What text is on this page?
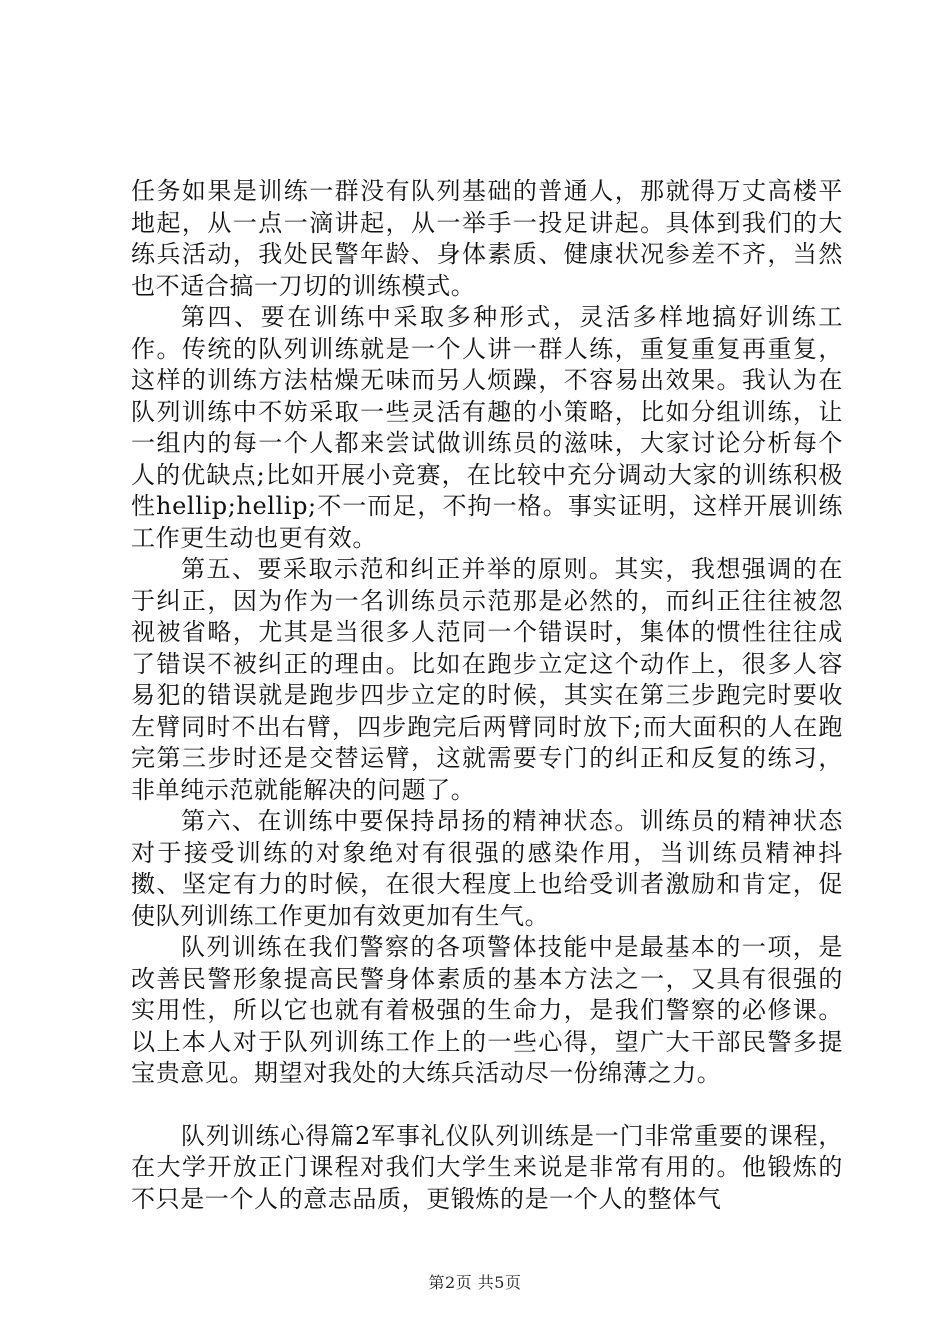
任务如果是训练一群没有队列基础的普通人，那就得万丈高楼平地起，从一点一滴讲起，从一举手一投足讲起。具体到我们的大练兵活动，我处民警年龄、身体素质、健康状况参差不齐，当然也不适合搞一刀切的训练模式。

第四、要在训练中采取多种形式，灵活多样地搞好训练工作。传统的队列训练就是一个人讲一群人练，重复重复再重复，这样的训练方法枯燥无味而另人烦躁，不容易出效果。我认为在队列训练中不妨采取一些灵活有趣的小策略，比如分组训练，让一组内的每一个人都来尝试做训练员的滋味，大家讨论分析每个人的优缺点;比如开展小竞赛，在比较中充分调动大家的训练积极性hellip;hellip;不一而足，不拘一格。事实证明，这样开展训练工作更生动也更有效。

第五、要采取示范和纠正并举的原则。其实，我想强调的在于纠正，因为作为一名训练员示范那是必然的，而纠正往往被忽视被省略，尤其是当很多人范同一个错误时，集体的惯性往往成了错误不被纠正的理由。比如在跑步立定这个动作上，很多人容易犯的错误就是跑步四步立定的时候，其实在第三步跑完时要收左臂同时不出右臂，四步跑完后两臂同时放下;而大面积的人在跑完第三步时还是交替运臂，这就需要专门的纠正和反复的练习，非单纯示范就能解决的问题了。

第六、在训练中要保持昂扬的精神状态。训练员的精神状态对于接受训练的对象绝对有很强的感染作用，当训练员精神抖擞、坚定有力的时候，在很大程度上也给受训者激励和肯定，促使队列训练工作更加有效更加有生气。

队列训练在我们警察的各项警体技能中是最基本的一项，是改善民警形象提高民警身体素质的基本方法之一，又具有很强的实用性，所以它也就有着极强的生命力，是我们警察的必修课。以上本人对于队列训练工作上的一些心得，望广大干部民警多提宝贵意见。期望对我处的大练兵活动尽一份绵薄之力。

队列训练心得篇2军事礼仪队列训练是一门非常重要的课程，在大学开放正门课程对我们大学生来说是非常有用的。他锻炼的不只是一个人的意志品质，更锻炼的是一个人的整体气

第2页 共5页
